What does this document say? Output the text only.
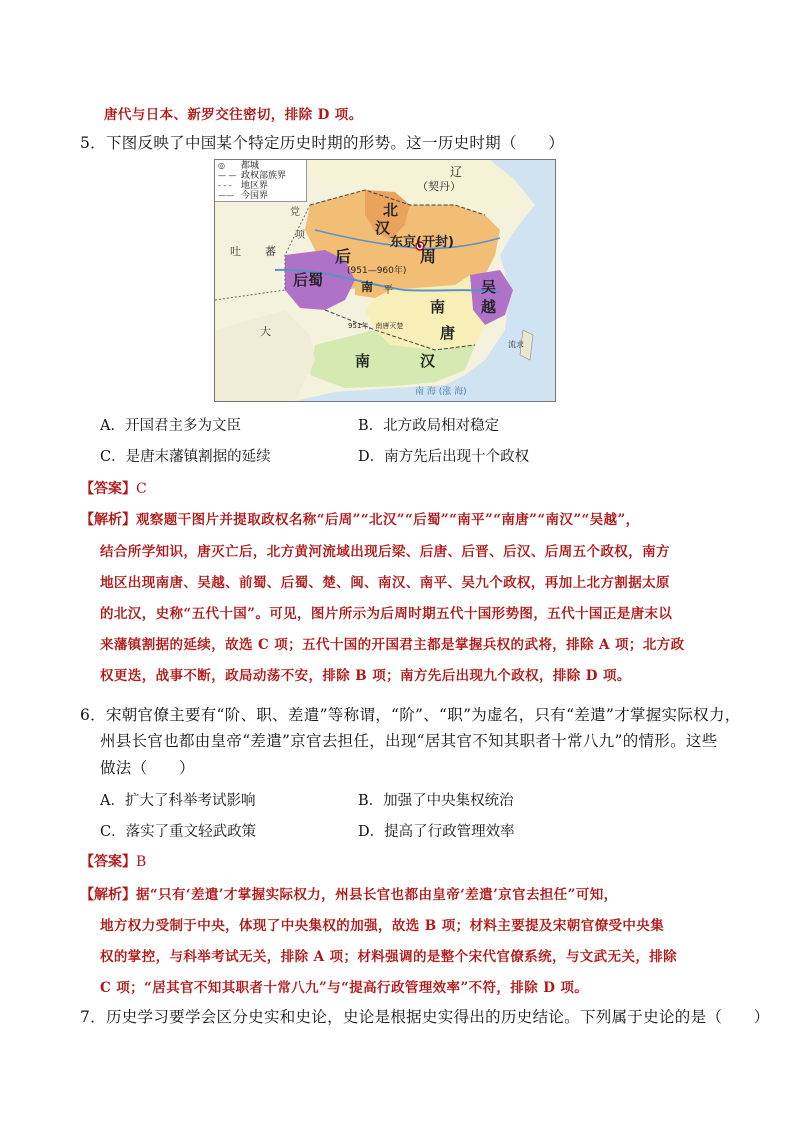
唐代与日本、新罗交往密切，排除 D 项。
5．下图反映了中国某个特定历史时期的形势。这一历史时期（　　）
辽
（契丹）
北
汉
东京(开封)
后	周
(951—960年)
后蜀	南 平	吴
越
南
唐
951年，南唐灭楚
南	汉
党
项
吐 蕃
大
流求
南 海 (涨 海)
◎	都城
— — 政权部族界
- - -	地区界
—— 今国界
A．开国君主多为文臣	B．北方政局相对稳定
C．是唐末藩镇割据的延续	D．南方先后出现十个政权
【答案】C
【解析】观察题干图片并提取政权名称“后周”“北汉”“后蜀”“南平”“南唐”“南汉”“吴越”，
结合所学知识，唐灭亡后，北方黄河流域出现后梁、后唐、后晋、后汉、后周五个政权，南方
地区出现南唐、吴越、前蜀、后蜀、楚、闽、南汉、南平、吴九个政权，再加上北方割据太原
的北汉，史称“五代十国”。可见，图片所示为后周时期五代十国形势图，五代十国正是唐末以
来藩镇割据的延续，故选 C 项；五代十国的开国君主都是掌握兵权的武将，排除 A 项；北方政
权更迭，战事不断，政局动荡不安，排除 B 项；南方先后出现九个政权，排除 D 项。
6．宋朝官僚主要有“阶、职、差遣”等称谓，“阶”、“职”为虚名，只有“差遣”才掌握实际权力，
州县长官也都由皇帝“差遣”京官去担任，出现“居其官不知其职者十常八九”的情形。这些
做法（　　）
A．扩大了科举考试影响	B．加强了中央集权统治
C．落实了重文轻武政策	D．提高了行政管理效率
【答案】B
【解析】据“只有‘差遣’才掌握实际权力，州县长官也都由皇帝‘差遣’京官去担任”可知，
地方权力受制于中央，体现了中央集权的加强，故选 B 项；材料主要提及宋朝官僚受中央集
权的掌控，与科举考试无关，排除 A 项；材料强调的是整个宋代官僚系统，与文武无关，排除
C 项；“居其官不知其职者十常八九”与“提高行政管理效率”不符，排除 D 项。
7．历史学习要学会区分史实和史论，史论是根据史实得出的历史结论。下列属于史论的是（　　）
